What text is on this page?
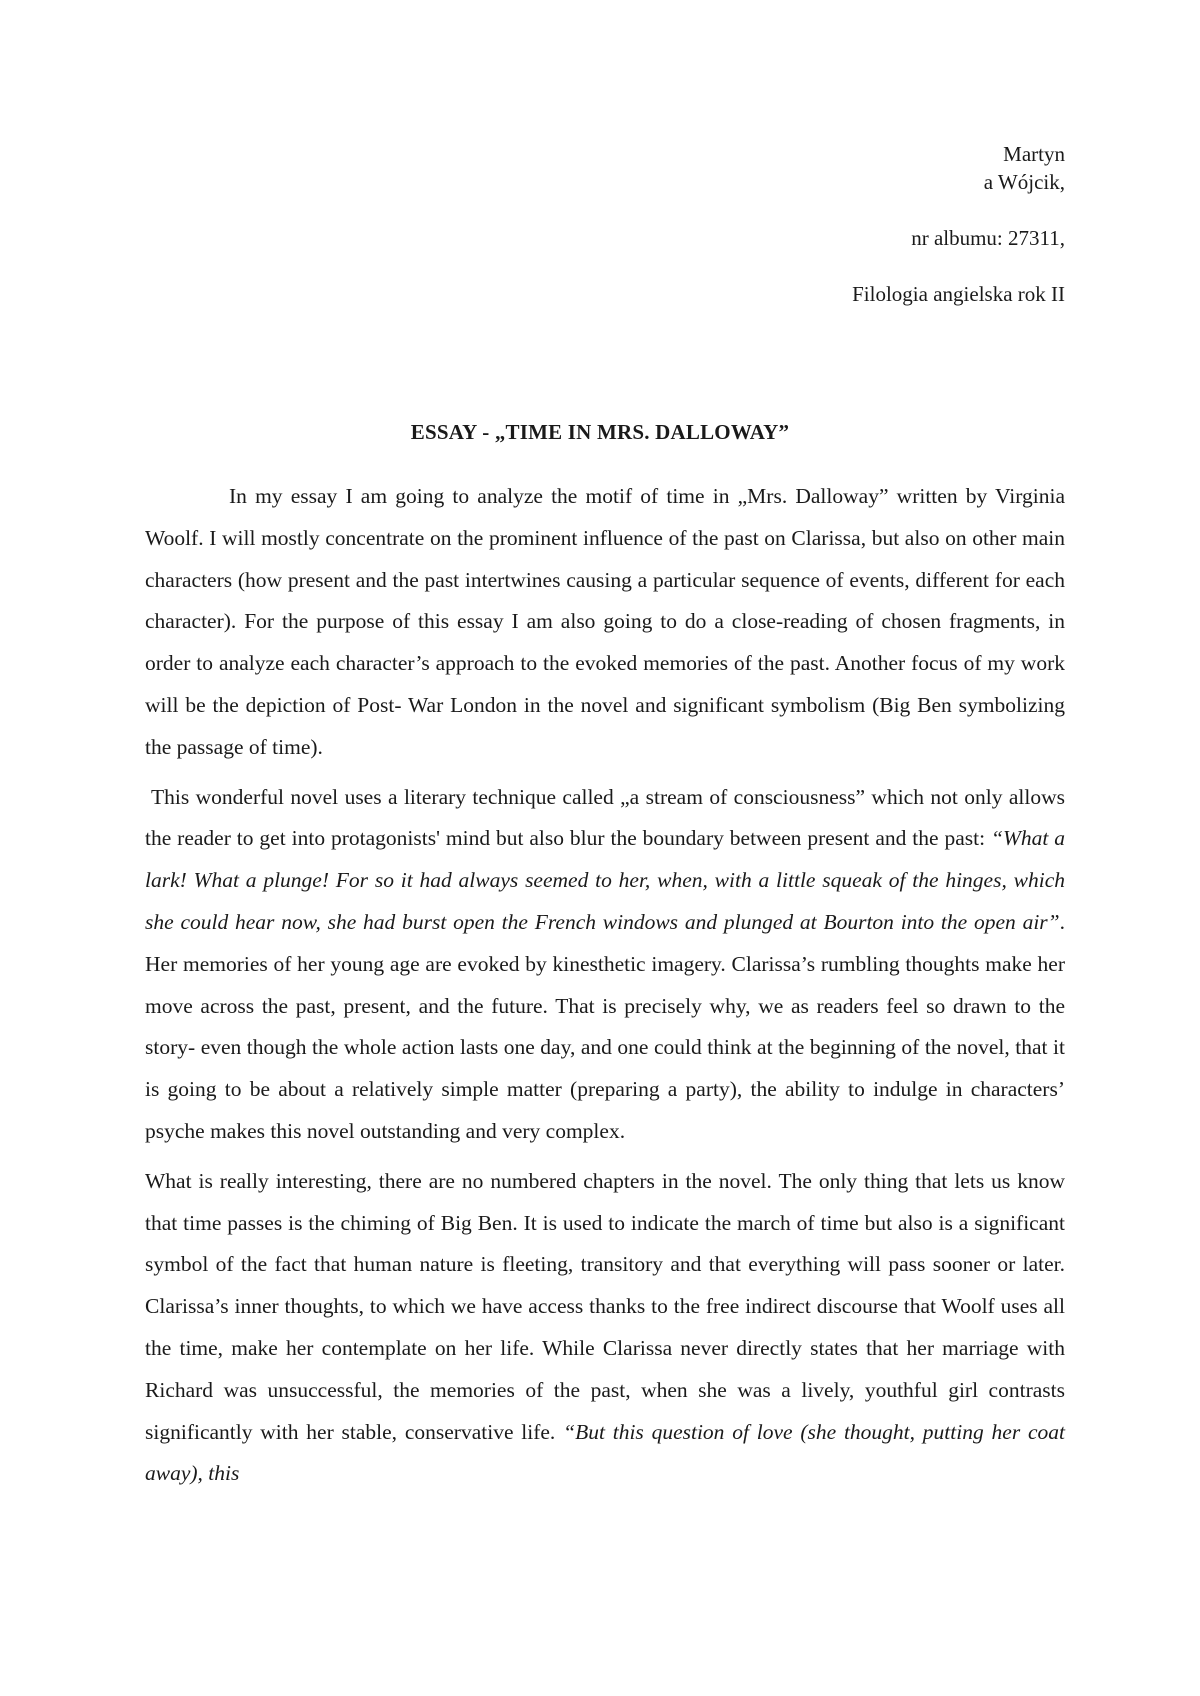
Martyn
a Wójcik,
nr albumu: 27311,
Filologia angielska rok II
ESSAY - „TIME IN MRS. DALLOWAY”

In my essay I am going to analyze the motif of time in „Mrs. Dalloway” written by Virginia Woolf. I will mostly concentrate on the prominent influence of the past on Clarissa, but also on other main characters (how present and the past intertwines causing a particular sequence of events, different for each character). For the purpose of this essay I am also going to do a close-reading of chosen fragments, in order to analyze each character’s approach to the evoked memories of the past. Another focus of my work will be the depiction of Post- War London in the novel and significant symbolism (Big Ben symbolizing the passage of time).

This wonderful novel uses a literary technique called „a stream of consciousness” which not only allows the reader to get into protagonists' mind but also blur the boundary between present and the past: “What a lark! What a plunge! For so it had always seemed to her, when, with a little squeak of the hinges, which she could hear now, she had burst open the French windows and plunged at Bourton into the open air”. Her memories of her young age are evoked by kinesthetic imagery. Clarissa’s rumbling thoughts make her move across the past, present, and the future. That is precisely why, we as readers feel so drawn to the story- even though the whole action lasts one day, and one could think at the beginning of the novel, that it is going to be about a relatively simple matter (preparing a party), the ability to indulge in characters’ psyche makes this novel outstanding and very complex.

What is really interesting, there are no numbered chapters in the novel. The only thing that lets us know that time passes is the chiming of Big Ben. It is used to indicate the march of time but also is a significant symbol of the fact that human nature is fleeting, transitory and that everything will pass sooner or later. Clarissa’s inner thoughts, to which we have access thanks to the free indirect discourse that Woolf uses all the time, make her contemplate on her life. While Clarissa never directly states that her marriage with Richard was unsuccessful, the memories of the past, when she was a lively, youthful girl contrasts significantly with her stable, conservative life. “But this question of love (she thought, putting her coat away), this
